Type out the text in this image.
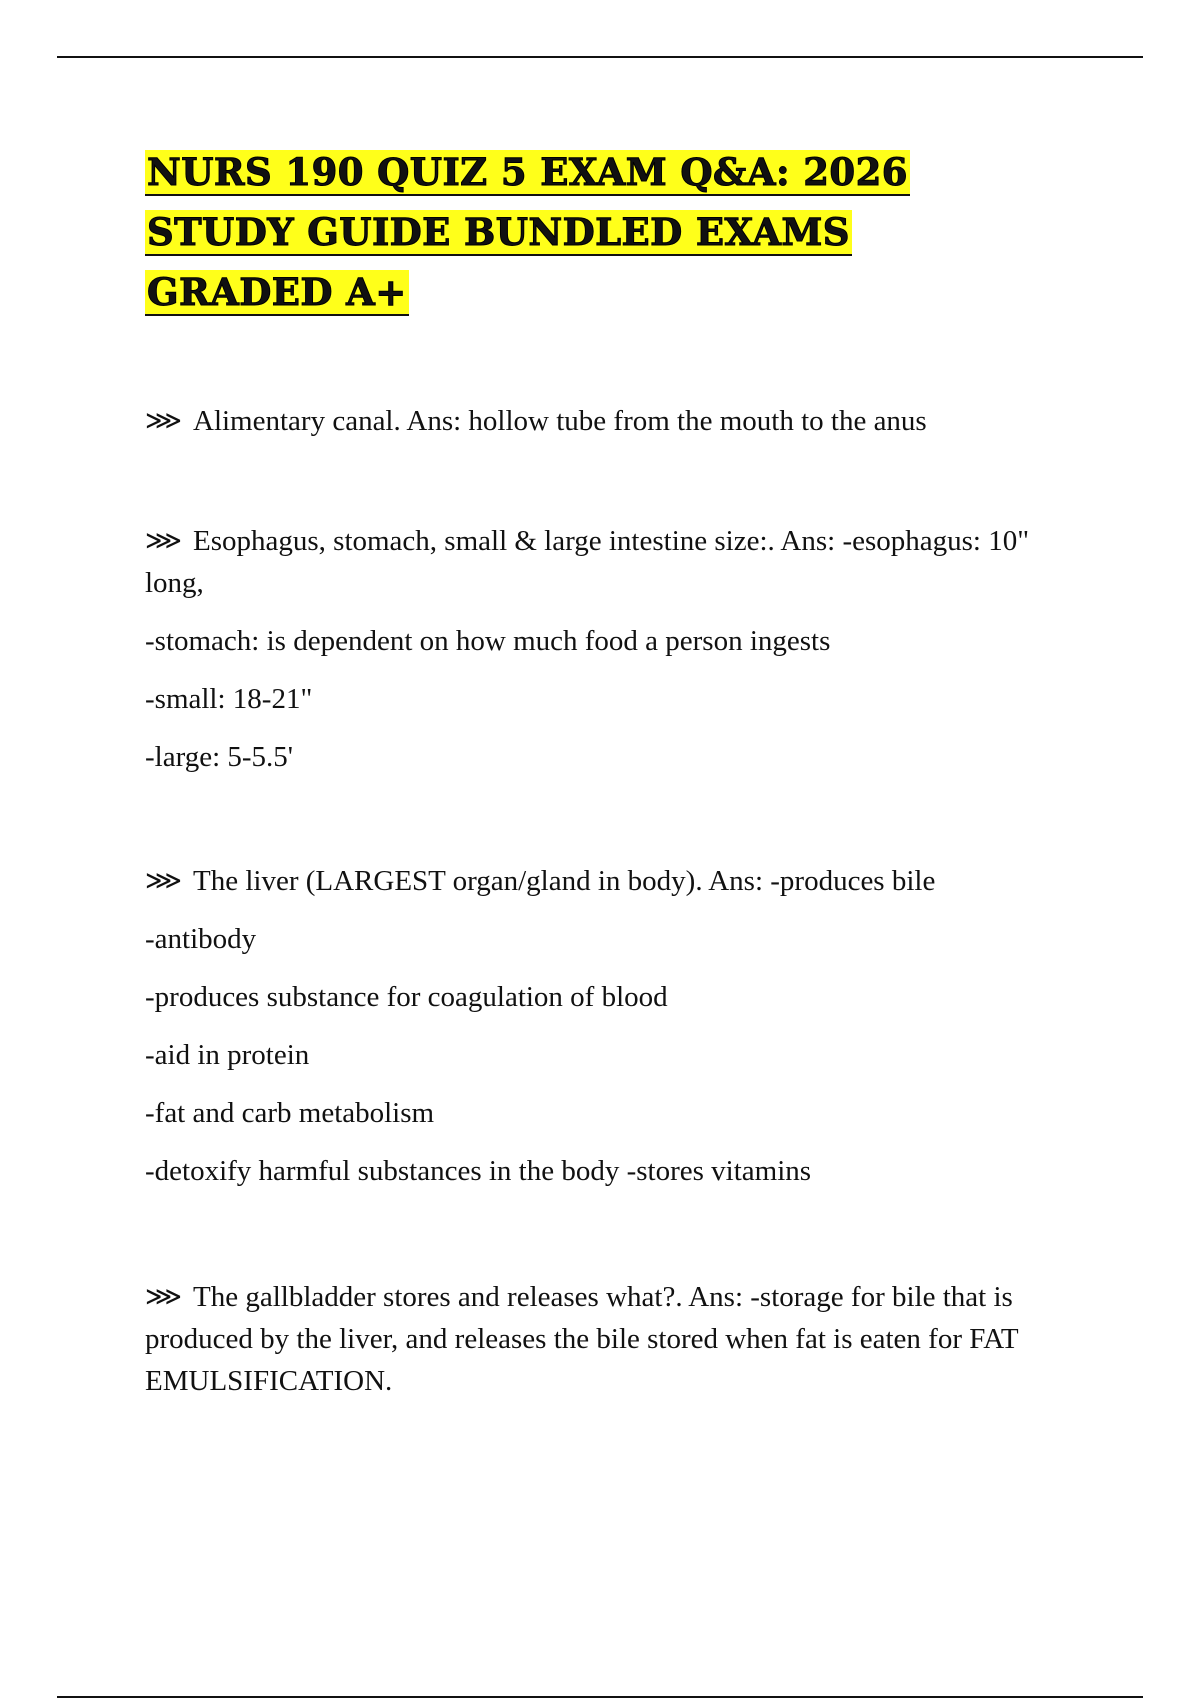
NURS 190 QUIZ 5 EXAM Q&A: 2026 STUDY GUIDE BUNDLED EXAMS GRADED A+

⋙ Alimentary canal. Ans: hollow tube from the mouth to the anus

⋙ Esophagus, stomach, small & large intestine size:. Ans: -esophagus: 10" long,

-stomach: is dependent on how much food a person ingests

-small: 18-21"

-large: 5-5.5'

⋙ The liver (LARGEST organ/gland in body). Ans: -produces bile

-antibody

-produces substance for coagulation of blood

-aid in protein

-fat and carb metabolism

-detoxify harmful substances in the body -stores vitamins

⋙ The gallbladder stores and releases what?. Ans: -storage for bile that is produced by the liver, and releases the bile stored when fat is eaten for FAT EMULSIFICATION.
